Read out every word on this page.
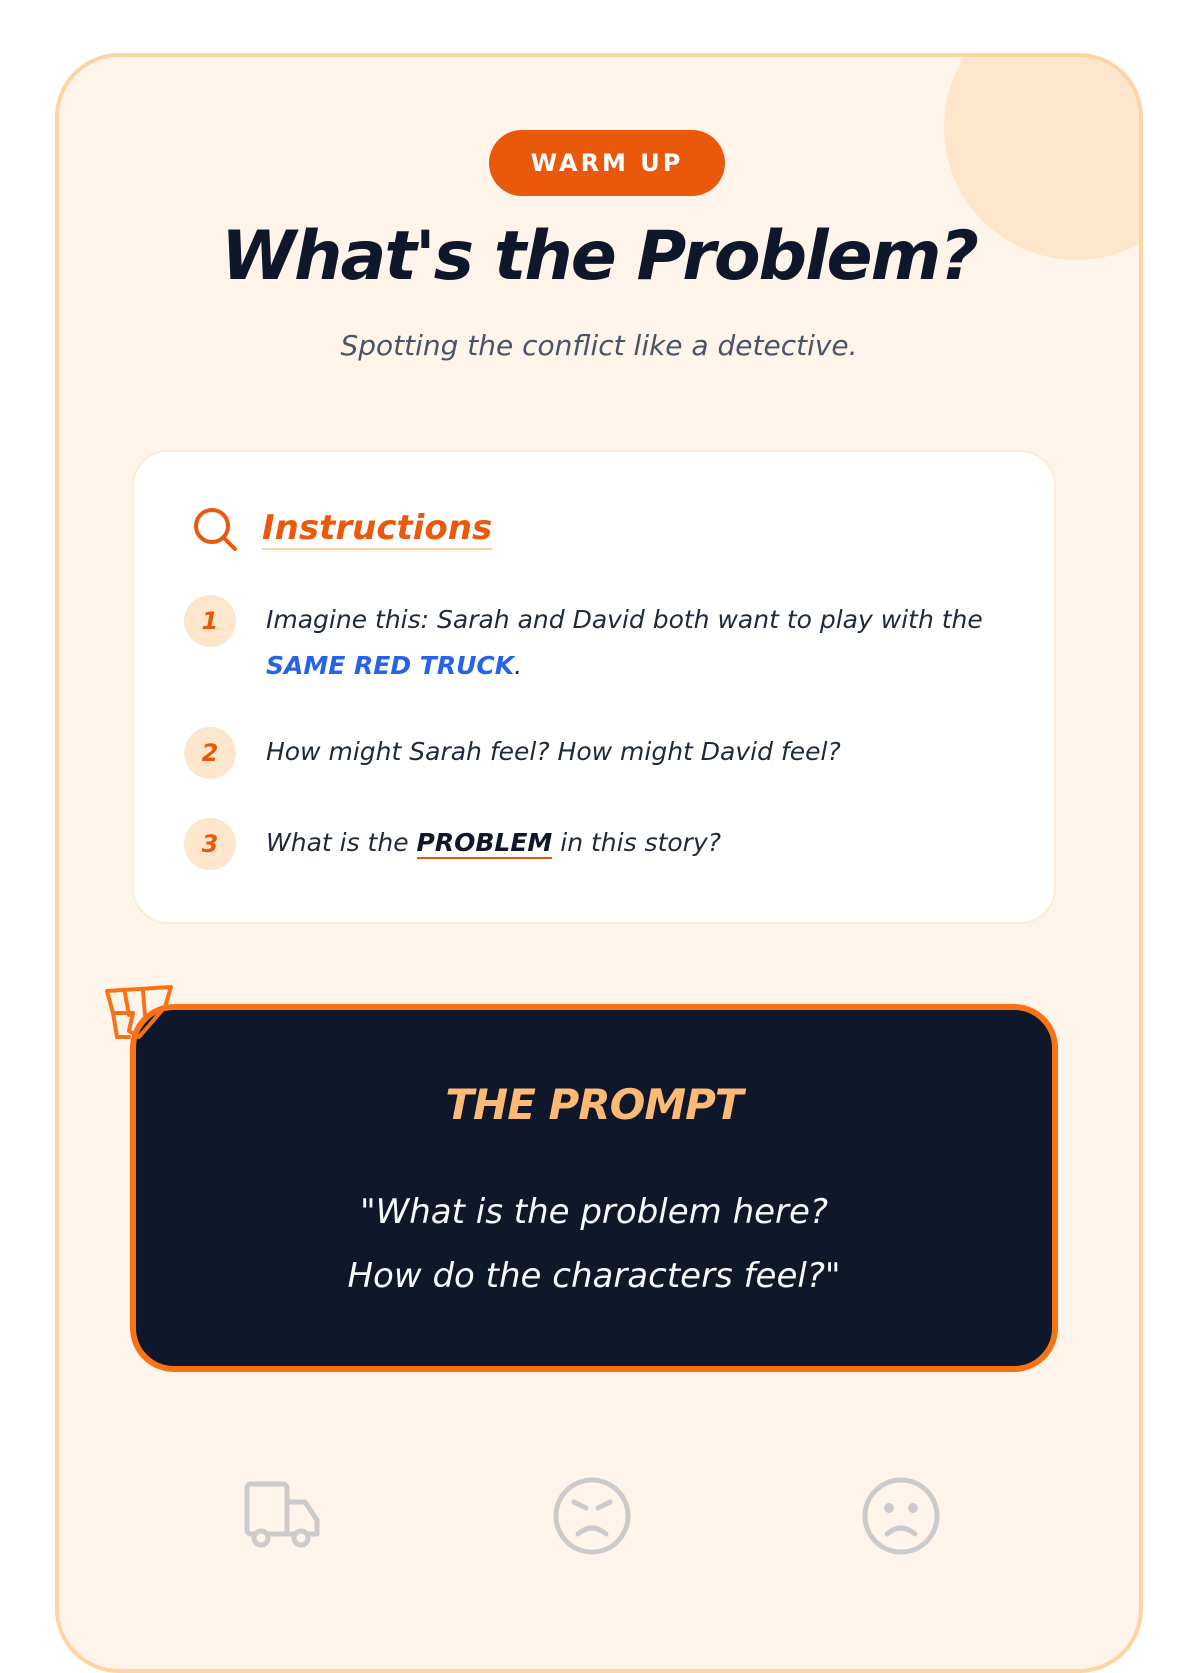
WARM UP
What's the Problem?
Spotting the conflict like a detective.
Instructions
1	Imagine this: Sarah and David both want to play with the SAME RED TRUCK.
2	How might Sarah feel? How might David feel?
3	What is the PROBLEM in this story?
THE PROMPT
"What is the problem here?
How do the characters feel?"
